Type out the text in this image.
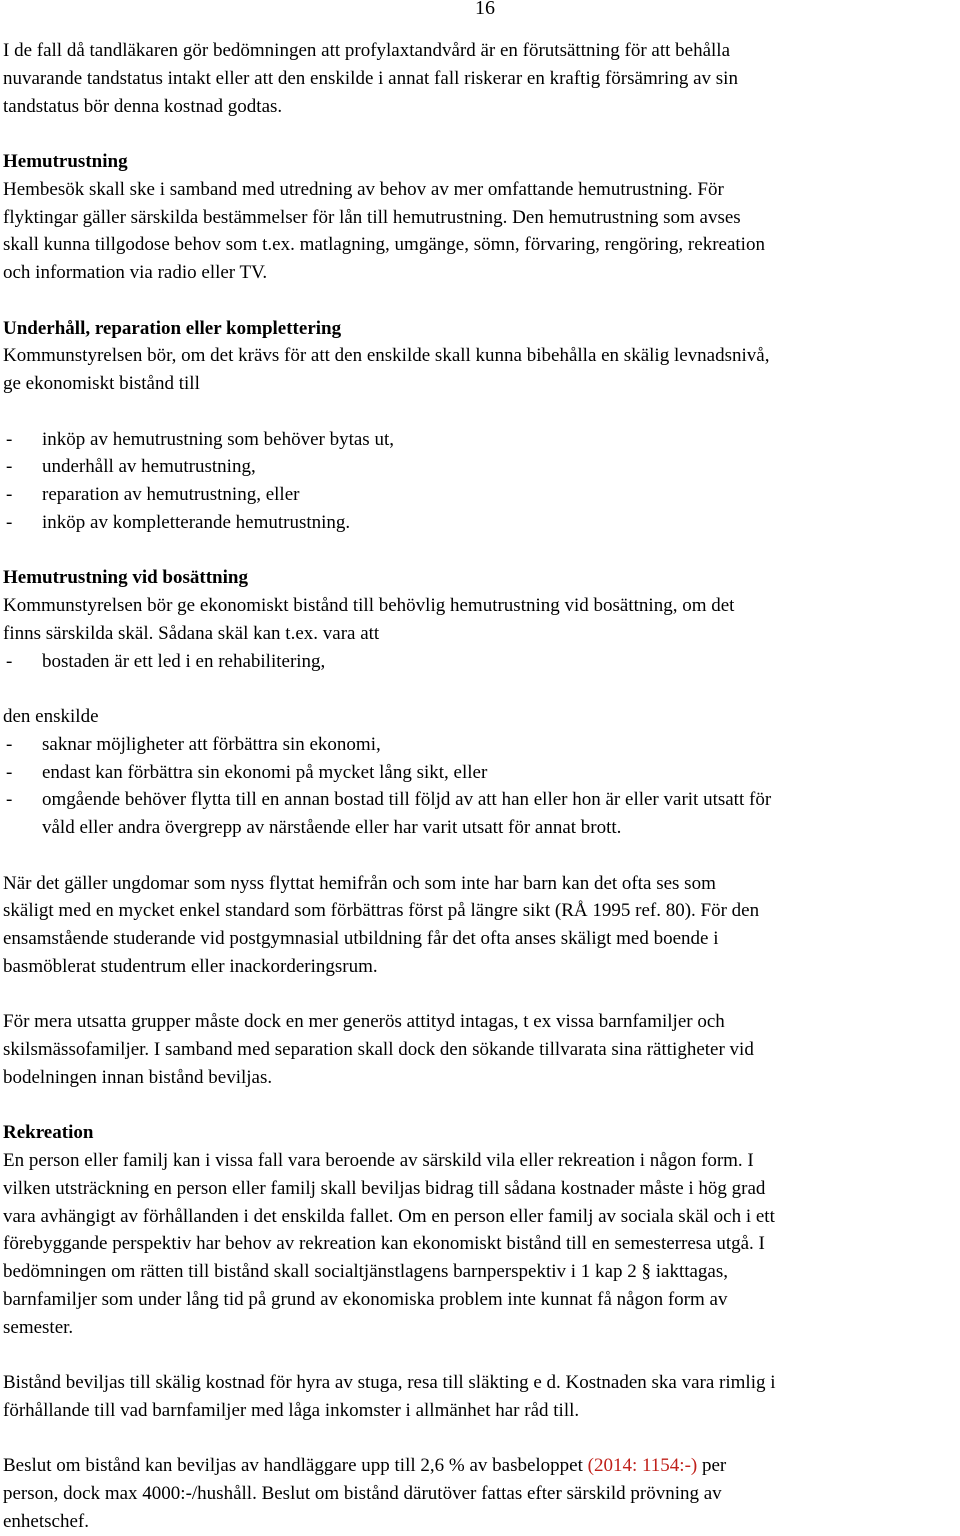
16
I de fall då tandläkaren gör bedömningen att profylaxtandvård är en förutsättning för att behålla
nuvarande tandstatus intakt eller att den enskilde i annat fall riskerar en kraftig försämring av sin
tandstatus bör denna kostnad godtas.
Hemutrustning
Hembesök skall ske i samband med utredning av behov av mer omfattande hemutrustning. För
flyktingar gäller särskilda bestämmelser för lån till hemutrustning. Den hemutrustning som avses
skall kunna tillgodose behov som t.ex. matlagning, umgänge, sömn, förvaring, rengöring, rekreation
och information via radio eller TV.
Underhåll, reparation eller komplettering
Kommunstyrelsen bör, om det krävs för att den enskilde skall kunna bibehålla en skälig levnadsnivå,
ge ekonomiskt bistånd till
- inköp av hemutrustning som behöver bytas ut,
- underhåll av hemutrustning,
- reparation av hemutrustning, eller
- inköp av kompletterande hemutrustning.
Hemutrustning vid bosättning
Kommunstyrelsen bör ge ekonomiskt bistånd till behövlig hemutrustning vid bosättning, om det
finns särskilda skäl. Sådana skäl kan t.ex. vara att
- bostaden är ett led i en rehabilitering,
den enskilde
- saknar möjligheter att förbättra sin ekonomi,
- endast kan förbättra sin ekonomi på mycket lång sikt, eller
- omgående behöver flytta till en annan bostad till följd av att han eller hon är eller varit utsatt för
våld eller andra övergrepp av närstående eller har varit utsatt för annat brott.
När det gäller ungdomar som nyss flyttat hemifrån och som inte har barn kan det ofta ses som
skäligt med en mycket enkel standard som förbättras först på längre sikt (RÅ 1995 ref. 80). För den
ensamstående studerande vid postgymnasial utbildning får det ofta anses skäligt med boende i
basmöblerat studentrum eller inackorderingsrum.
För mera utsatta grupper måste dock en mer generös attityd intagas, t ex vissa barnfamiljer och
skilsmässofamiljer. I samband med separation skall dock den sökande tillvarata sina rättigheter vid
bodelningen innan bistånd beviljas.
Rekreation
En person eller familj kan i vissa fall vara beroende av särskild vila eller rekreation i någon form. I
vilken utsträckning en person eller familj skall beviljas bidrag till sådana kostnader måste i hög grad
vara avhängigt av förhållanden i det enskilda fallet. Om en person eller familj av sociala skäl och i ett
förebyggande perspektiv har behov av rekreation kan ekonomiskt bistånd till en semesterresa utgå. I
bedömningen om rätten till bistånd skall socialtjänstlagens barnperspektiv i 1 kap 2 § iakttagas,
barnfamiljer som under lång tid på grund av ekonomiska problem inte kunnat få någon form av
semester.
Bistånd beviljas till skälig kostnad för hyra av stuga, resa till släkting e d. Kostnaden ska vara rimlig i
förhållande till vad barnfamiljer med låga inkomster i allmänhet har råd till.
Beslut om bistånd kan beviljas av handläggare upp till 2,6 % av basbeloppet (2014: 1154:-) per
person, dock max 4000:-/hushåll. Beslut om bistånd därutöver fattas efter särskild prövning av
enhetschef.
